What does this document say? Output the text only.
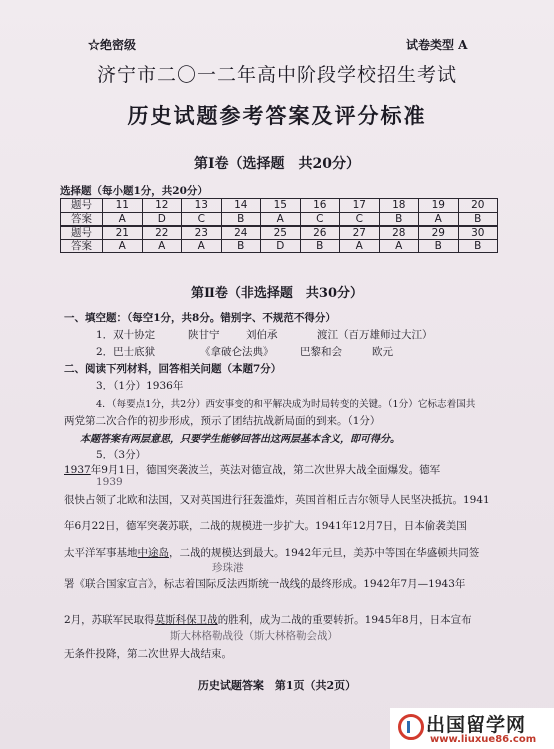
☆绝密级	试卷类型 A
济宁市二〇一二年高中阶段学校招生考试
历史试题参考答案及评分标准
第Ⅰ卷（选择题　共20分）
选择题（每小题1分，共20分）
题号	11	12	13	14	15	16	17	18	19	20
答案	A	D	C	B	A	C	C	B	A	B
题号	21	22	23	24	25	26	27	28	29	30
答案	A	A	A	B	D	B	A	A	B	B
第Ⅱ卷（非选择题　共30分）
一、填空题：（每空1分，共8分。错别字、不规范不得分）
1．双十协定	陕甘宁	刘伯承	渡江（百万雄师过大江）
2．巴士底狱	《拿破仑法典》	巴黎和会	欧元
二、阅读下列材料，回答相关问题（本题7分）
3．（1分）1936年
4．（每要点1分，共2分）西安事变的和平解决成为时局转变的关键。（1分）它标志着国共
两党第二次合作的初步形成，预示了团结抗战新局面的到来。（1分）
本题答案有两层意思，只要学生能够回答出这两层基本含义，即可得分。
5．（3分）
1937年9月1日，德国突袭波兰，英法对德宣战，第二次世界大战全面爆发。德军
1939
很快占领了北欧和法国，又对英国进行狂轰滥炸，英国首相丘吉尔领导人民坚决抵抗。1941
年6月22日，德军突袭苏联，二战的规模进一步扩大。1941年12月7日，日本偷袭美国
太平洋军事基地中途岛，二战的规模达到最大。1942年元旦，美苏中等国在华盛顿共同签
珍珠港
署《联合国家宣言》，标志着国际反法西斯统一战线的最终形成。1942年7月—1943年
2月，苏联军民取得莫斯科保卫战的胜利，成为二战的重要转折。1945年8月，日本宣布
斯大林格勒战役（斯大林格勒会战）
无条件投降，第二次世界大战结束。
历史试题答案　第1页（共2页）
出国留学网
www.liuxue86.com
